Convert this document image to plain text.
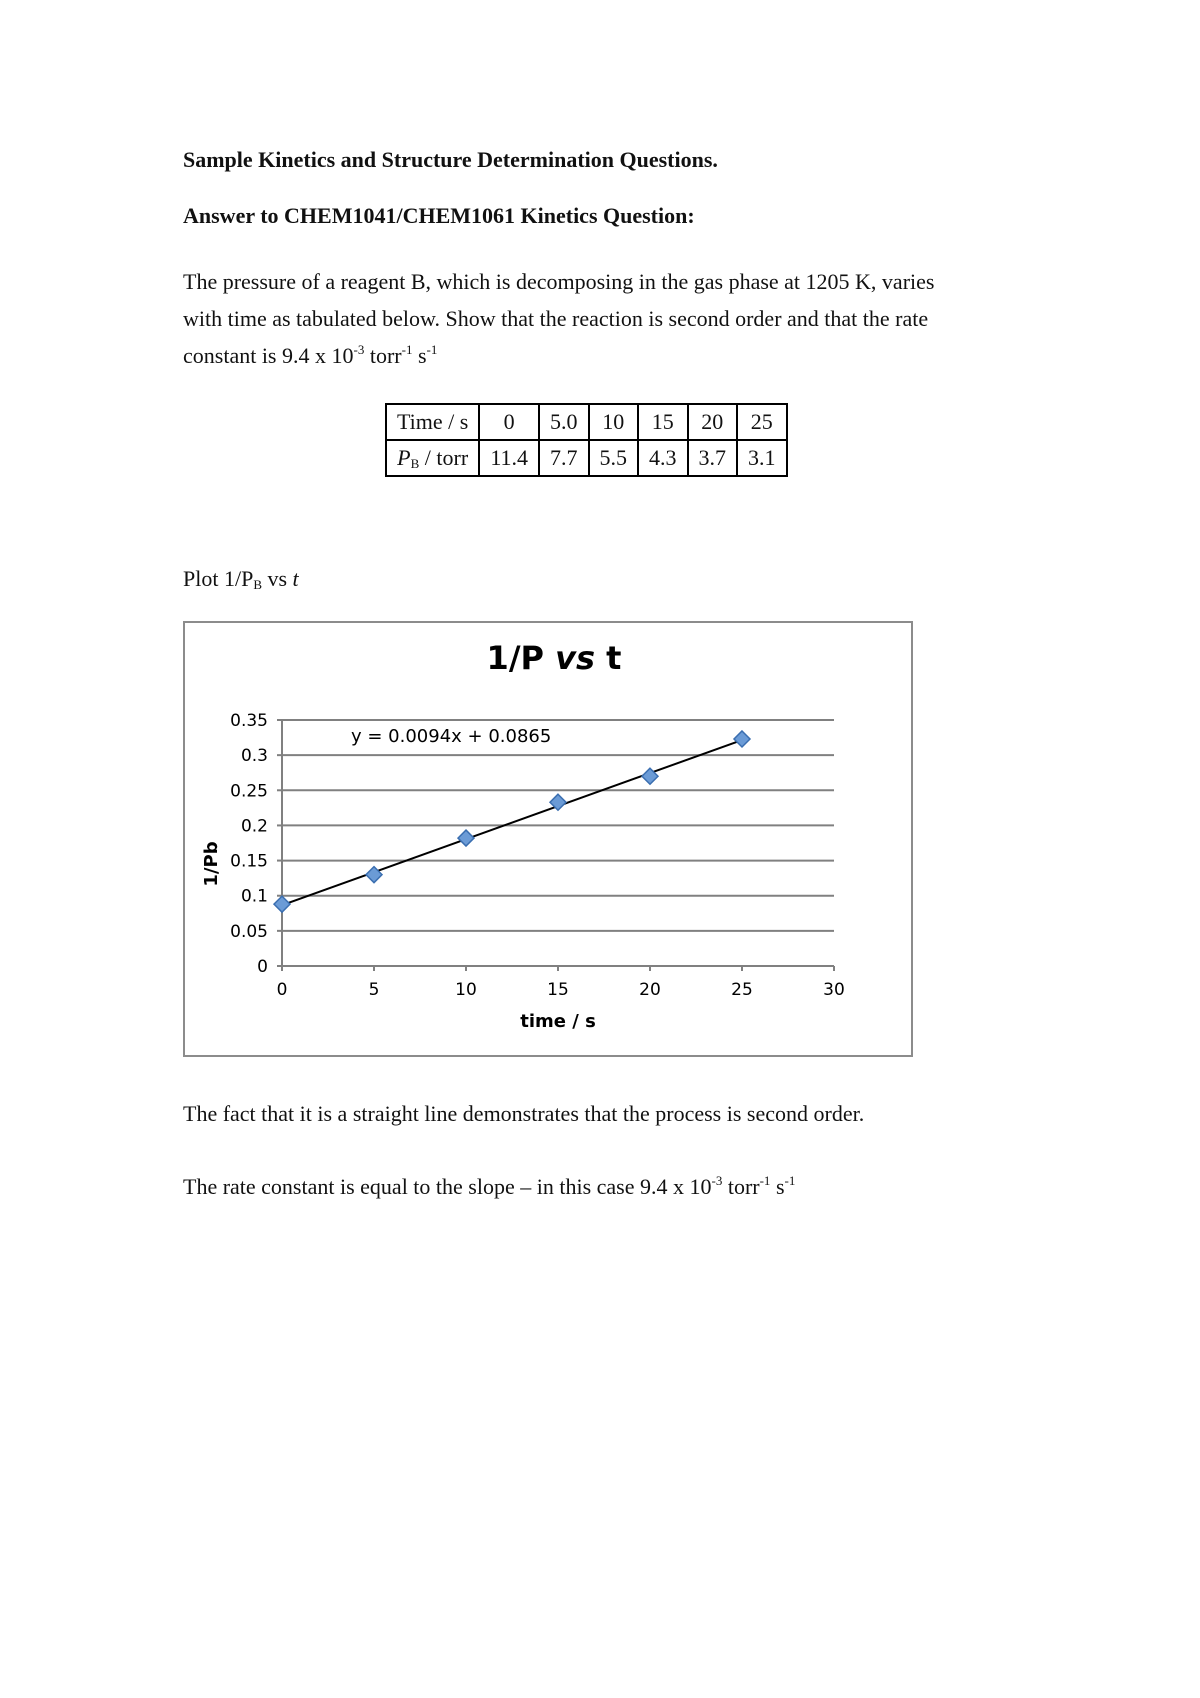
Sample Kinetics and Structure Determination Questions.
Answer to CHEM1041/CHEM1061 Kinetics Question:
The pressure of a reagent B, which is decomposing in the gas phase at 1205 K, varies
with time as tabulated below. Show that the reaction is second order and that the rate
constant is 9.4 x $10^{-3}$ torr$^{-1}$ $s^{-1}$
Time / s	0	5.0	10	15	20	25
$P_B$ / torr	11.4	7.7	5.5	4.3	3.7	3.1
Plot $1/P_B$ vs t
1/P vs t
0
0.05
0.1
0.15
0.2
0.25
0.3
0.35
0	5	10	15	20	25	30
y = 0.0094x + 0.0865
time / s
1/Pb
The fact that it is a straight line demonstrates that the process is second order.
The rate constant is equal to the slope – in this case 9.4 x $10^{-3}$ torr$^{-1}$ $s^{-1}$
